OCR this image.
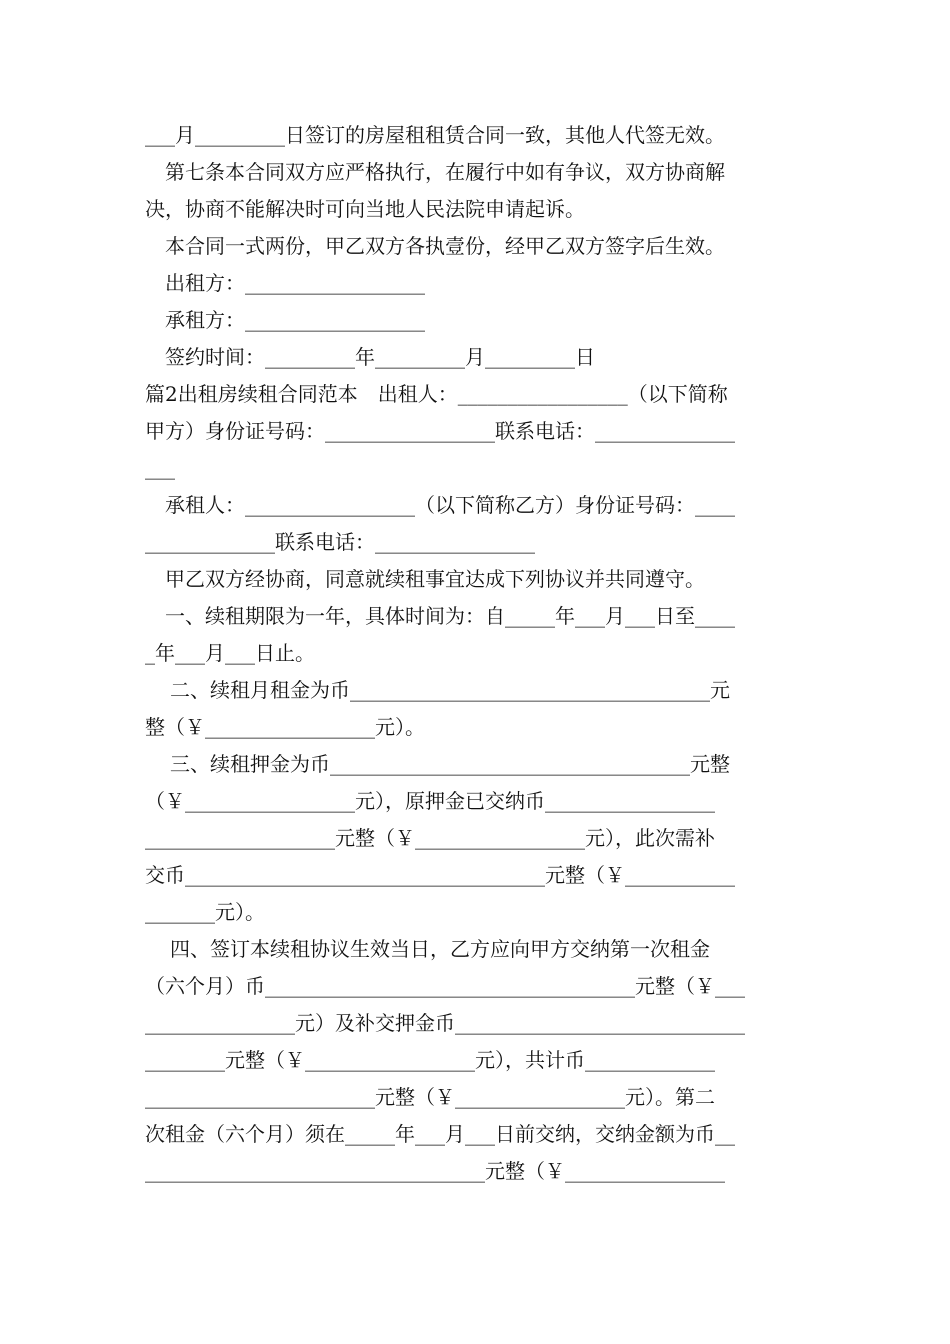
___月_________日签订的房屋租租赁合同一致，其他人代签无效。
第七条本合同双方应严格执行，在履行中如有争议，双方协商解
决，协商不能解决时可向当地人民法院申请起诉。
本合同一式两份，甲乙双方各执壹份，经甲乙双方签字后生效。
出租方：__________________
承租方：__________________
签约时间：_________年_________月_________日
篇2出租房续租合同范本　出租人：_________________（以下简称
甲方）身份证号码：_________________联系电话：______________
___
承租人：_________________（以下简称乙方）身份证号码：____
_____________联系电话：________________
甲乙双方经协商，同意就续租事宜达成下列协议并共同遵守。
一、续租期限为一年，具体时间为：自_____年___月___日至____
_年___月___日止。
二、续租月租金为币____________________________________元
整（￥_________________元）。
三、续租押金为币____________________________________元整
（￥_________________元），原押金已交纳币_________________
___________________元整（￥_________________元），此次需补
交币____________________________________元整（￥___________
_______元）。
四、签订本续租协议生效当日，乙方应向甲方交纳第一次租金
（六个月）币_____________________________________元整（￥___
_______________元）及补交押金币_____________________________
________元整（￥_________________元），共计币_____________
_______________________元整（￥_________________元）。第二
次租金（六个月）须在_____年___月___日前交纳，交纳金额为币__
__________________________________元整（￥________________
